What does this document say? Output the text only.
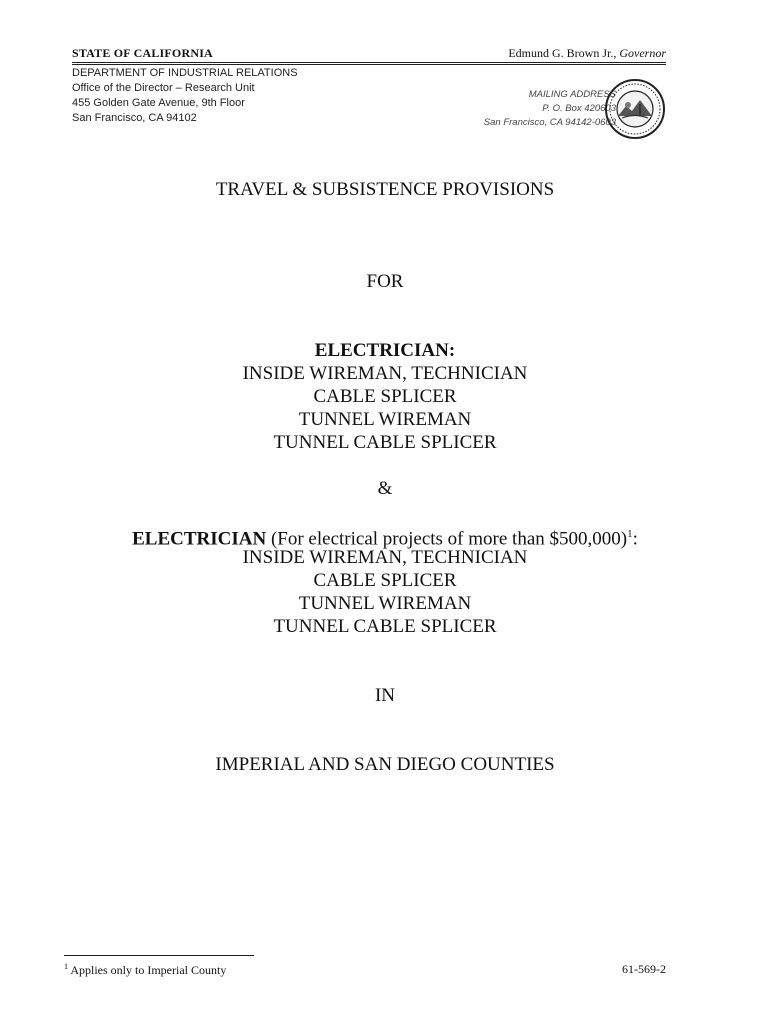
STATE OF CALIFORNIA	Edmund G. Brown Jr., Governor
DEPARTMENT OF INDUSTRIAL RELATIONS
Office of the Director – Research Unit
455 Golden Gate Avenue, 9th Floor
San Francisco, CA 94102
MAILING ADDRESS
P. O. Box 420603
San Francisco, CA 94142-0603
TRAVEL & SUBSISTENCE PROVISIONS
FOR
ELECTRICIAN:
INSIDE WIREMAN, TECHNICIAN
CABLE SPLICER
TUNNEL WIREMAN
TUNNEL CABLE SPLICER
&
ELECTRICIAN (For electrical projects of more than $500,000)$^1$:
INSIDE WIREMAN, TECHNICIAN
CABLE SPLICER
TUNNEL WIREMAN
TUNNEL CABLE SPLICER
IN
IMPERIAL AND SAN DIEGO COUNTIES
$^1$ Applies only to Imperial County	61-569-2
